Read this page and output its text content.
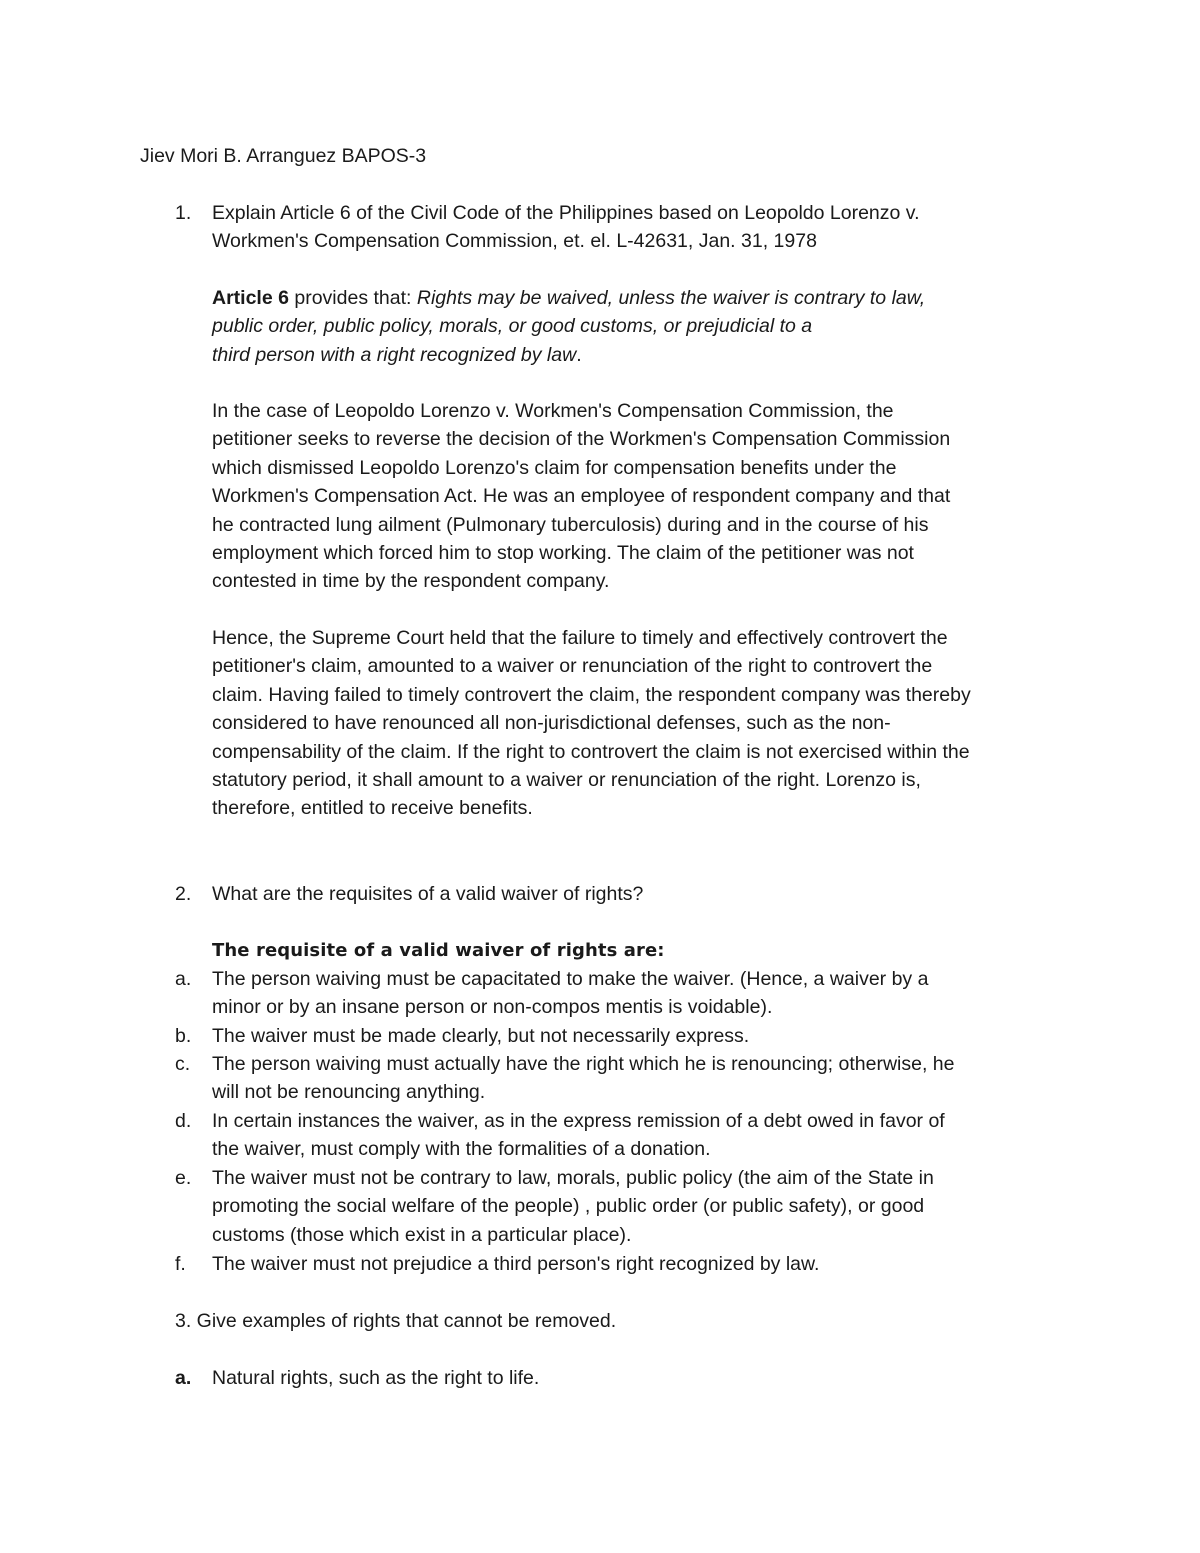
Jiev Mori B. Arranguez BAPOS-3
1. Explain Article 6 of the Civil Code of the Philippines based on Leopoldo Lorenzo v.
Workmen's Compensation Commission, et. el. L-42631, Jan. 31, 1978
Article 6 provides that: Rights may be waived, unless the waiver is contrary to law,
public order, public policy, morals, or good customs, or prejudicial to a
third person with a right recognized by law.
In the case of Leopoldo Lorenzo v. Workmen's Compensation Commission, the
petitioner seeks to reverse the decision of the Workmen's Compensation Commission
which dismissed Leopoldo Lorenzo's claim for compensation benefits under the
Workmen's Compensation Act. He was an employee of respondent company and that
he contracted lung ailment (Pulmonary tuberculosis) during and in the course of his
employment which forced him to stop working. The claim of the petitioner was not
contested in time by the respondent company.
Hence, the Supreme Court held that the failure to timely and effectively controvert the
petitioner's claim, amounted to a waiver or renunciation of the right to controvert the
claim. Having failed to timely controvert the claim, the respondent company was thereby
considered to have renounced all non-jurisdictional defenses, such as the non-
compensability of the claim. If the right to controvert the claim is not exercised within the
statutory period, it shall amount to a waiver or renunciation of the right. Lorenzo is,
therefore, entitled to receive benefits.
2. What are the requisites of a valid waiver of rights?
The requisite of a valid waiver of rights are:
a. The person waiving must be capacitated to make the waiver. (Hence, a waiver by a
minor or by an insane person or non-compos mentis is voidable).
b. The waiver must be made clearly, but not necessarily express.
c. The person waiving must actually have the right which he is renouncing; otherwise, he
will not be renouncing anything.
d. In certain instances the waiver, as in the express remission of a debt owed in favor of
the waiver, must comply with the formalities of a donation.
e. The waiver must not be contrary to law, morals, public policy (the aim of the State in
promoting the social welfare of the people) , public order (or public safety), or good
customs (those which exist in a particular place).
f. The waiver must not prejudice a third person's right recognized by law.
3. Give examples of rights that cannot be removed.
a. Natural rights, such as the right to life.
